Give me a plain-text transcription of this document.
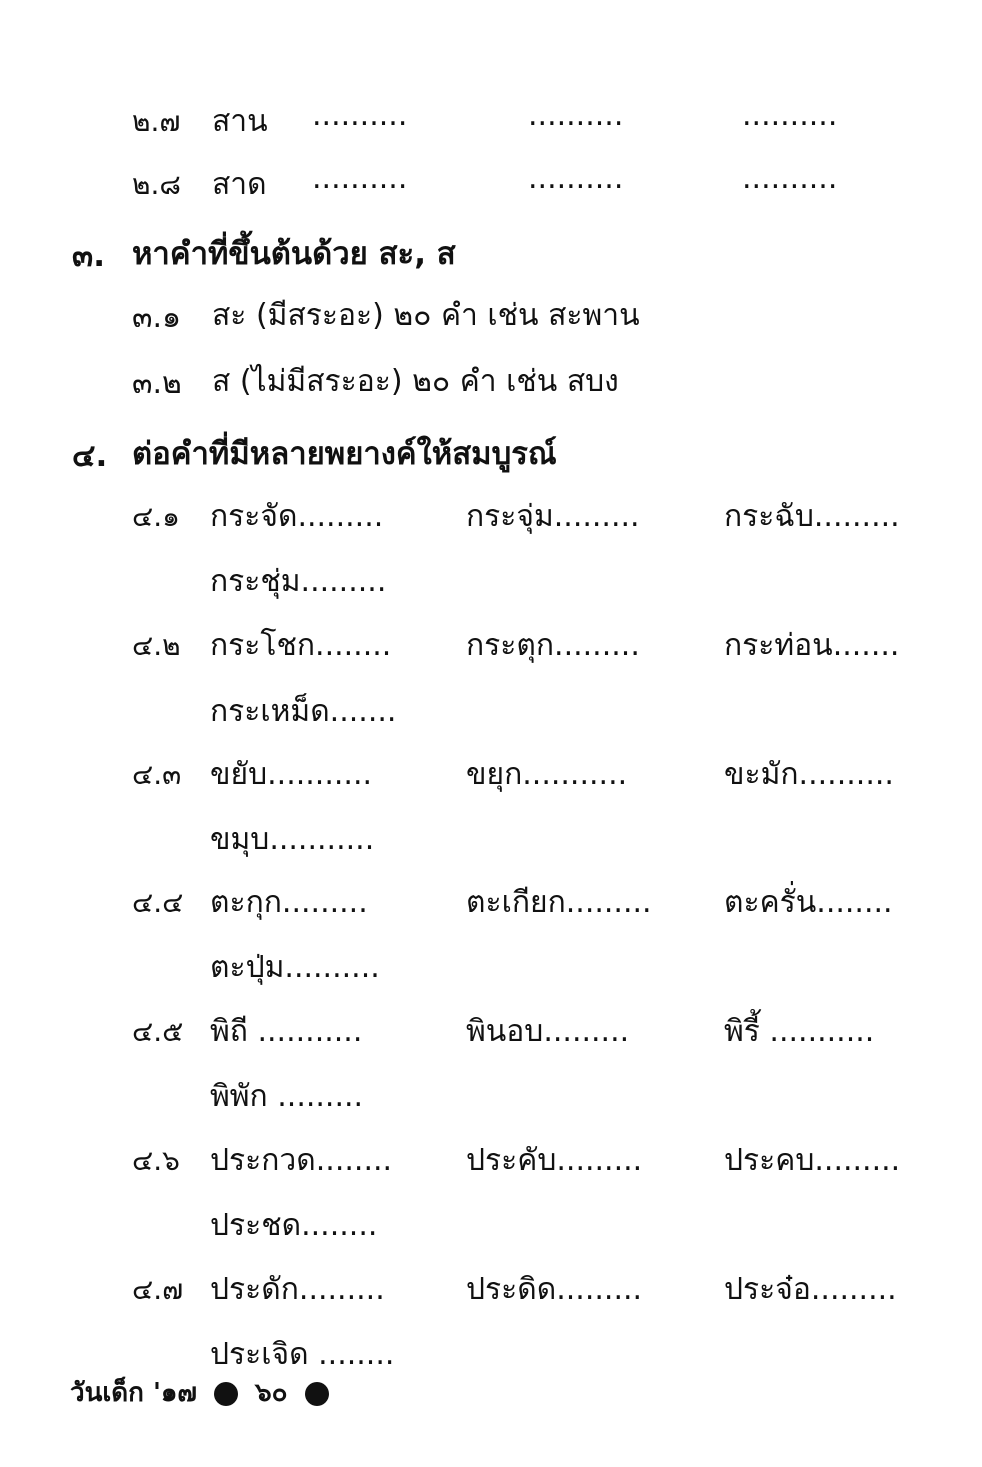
๒.๗ สาน ..........	..........	..........
๒.๘ สาด ..........	..........	..........
๓. หาคำที่ขึ้นต้นด้วย สะ, ส
๓.๑ สะ (มีสระอะ) ๒๐ คำ เช่น สะพาน
๓.๒ ส (ไม่มีสระอะ) ๒๐ คำ เช่น สบง
๔. ต่อคำที่มีหลายพยางค์ให้สมบูรณ์
๔.๑ กระจัด.........	กระจุ่ม.........	กระฉับ.........
กระชุ่ม.........
๔.๒ กระโชก........ กระตุก.........	กระท่อน.......
กระเหม็ด.......
๔.๓ ขยับ...........	ขยุก...........	ขะมัก..........
ขมุบ...........
๔.๔ ตะกุก.........	ตะเกียก......... ตะครั่น........
ตะปุ่ม..........
๔.๕ พิถี ...........	พินอบ.........	พิรี้ ...........
พิพัก .........
๔.๖ ประกวด........ ประคับ.........	ประคบ.........
ประชด........
๔.๗ ประดัก.........	ประดิด.........	ประจ๋อ.........
ประเจิด ........
วันเด็ก '๑๗ ๖๐
